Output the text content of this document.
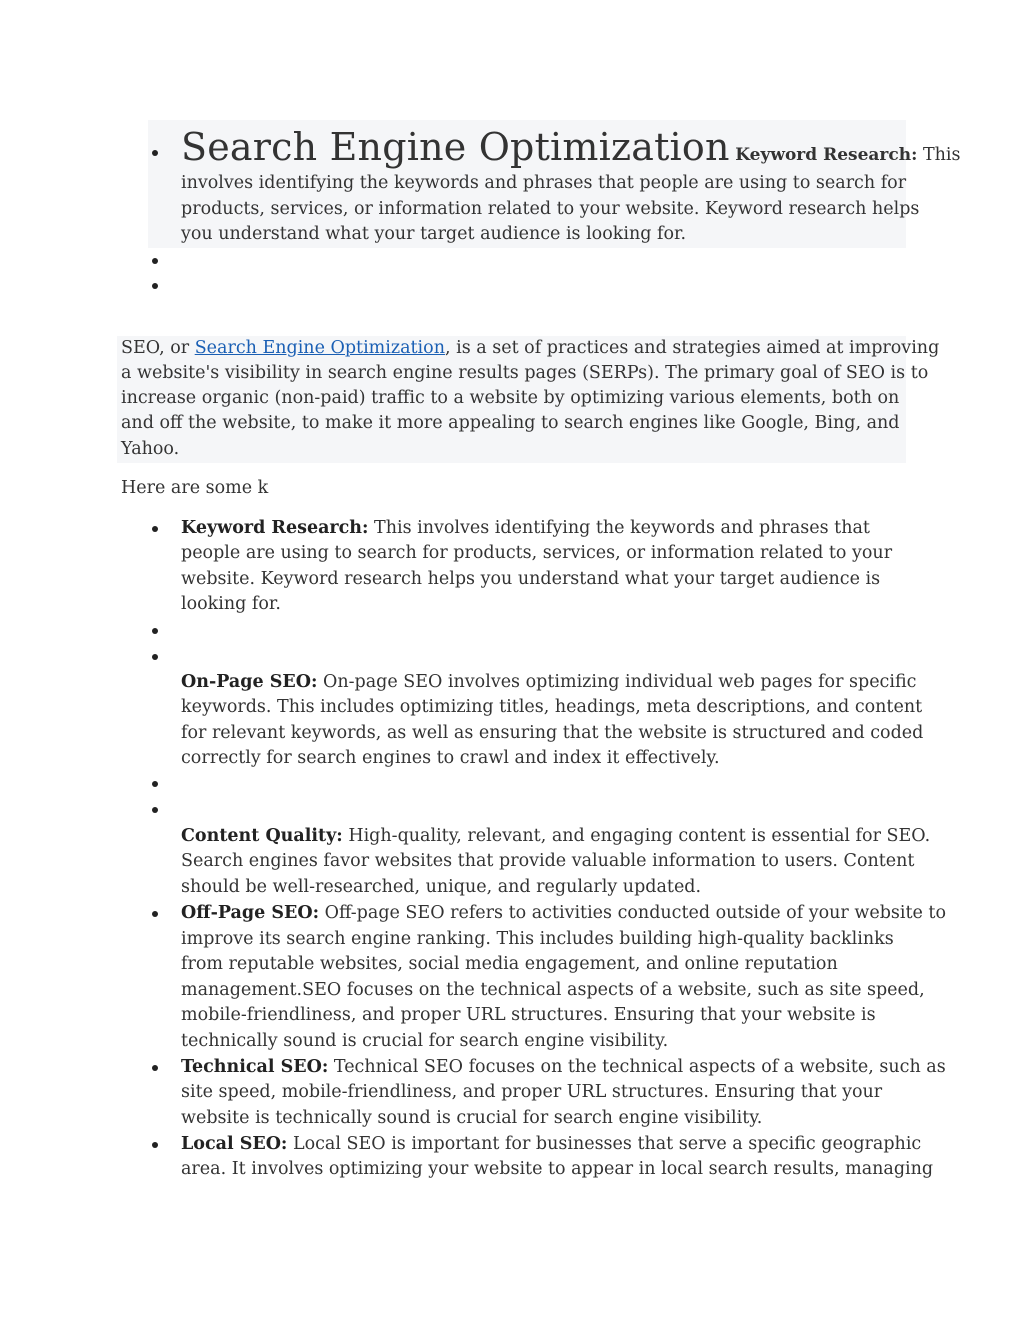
Search Engine Optimization Keyword Research: This
involves identifying the keywords and phrases that people are using to search for
products, services, or information related to your website. Keyword research helps
you understand what your target audience is looking for.
SEO, or Search Engine Optimization, is a set of practices and strategies aimed at improving
a website's visibility in search engine results pages (SERPs). The primary goal of SEO is to
increase organic (non-paid) traffic to a website by optimizing various elements, both on
and off the website, to make it more appealing to search engines like Google, Bing, and
Yahoo.
Here are some k
Keyword Research: This involves identifying the keywords and phrases that
people are using to search for products, services, or information related to your
website. Keyword research helps you understand what your target audience is
looking for.
On-Page SEO: On-page SEO involves optimizing individual web pages for specific
keywords. This includes optimizing titles, headings, meta descriptions, and content
for relevant keywords, as well as ensuring that the website is structured and coded
correctly for search engines to crawl and index it effectively.
Content Quality: High-quality, relevant, and engaging content is essential for SEO.
Search engines favor websites that provide valuable information to users. Content
should be well-researched, unique, and regularly updated.
Off-Page SEO: Off-page SEO refers to activities conducted outside of your website to
improve its search engine ranking. This includes building high-quality backlinks
from reputable websites, social media engagement, and online reputation
management.SEO focuses on the technical aspects of a website, such as site speed,
mobile-friendliness, and proper URL structures. Ensuring that your website is
technically sound is crucial for search engine visibility.
Technical SEO: Technical SEO focuses on the technical aspects of a website, such as
site speed, mobile-friendliness, and proper URL structures. Ensuring that your
website is technically sound is crucial for search engine visibility.
Local SEO: Local SEO is important for businesses that serve a specific geographic
area. It involves optimizing your website to appear in local search results, managing
